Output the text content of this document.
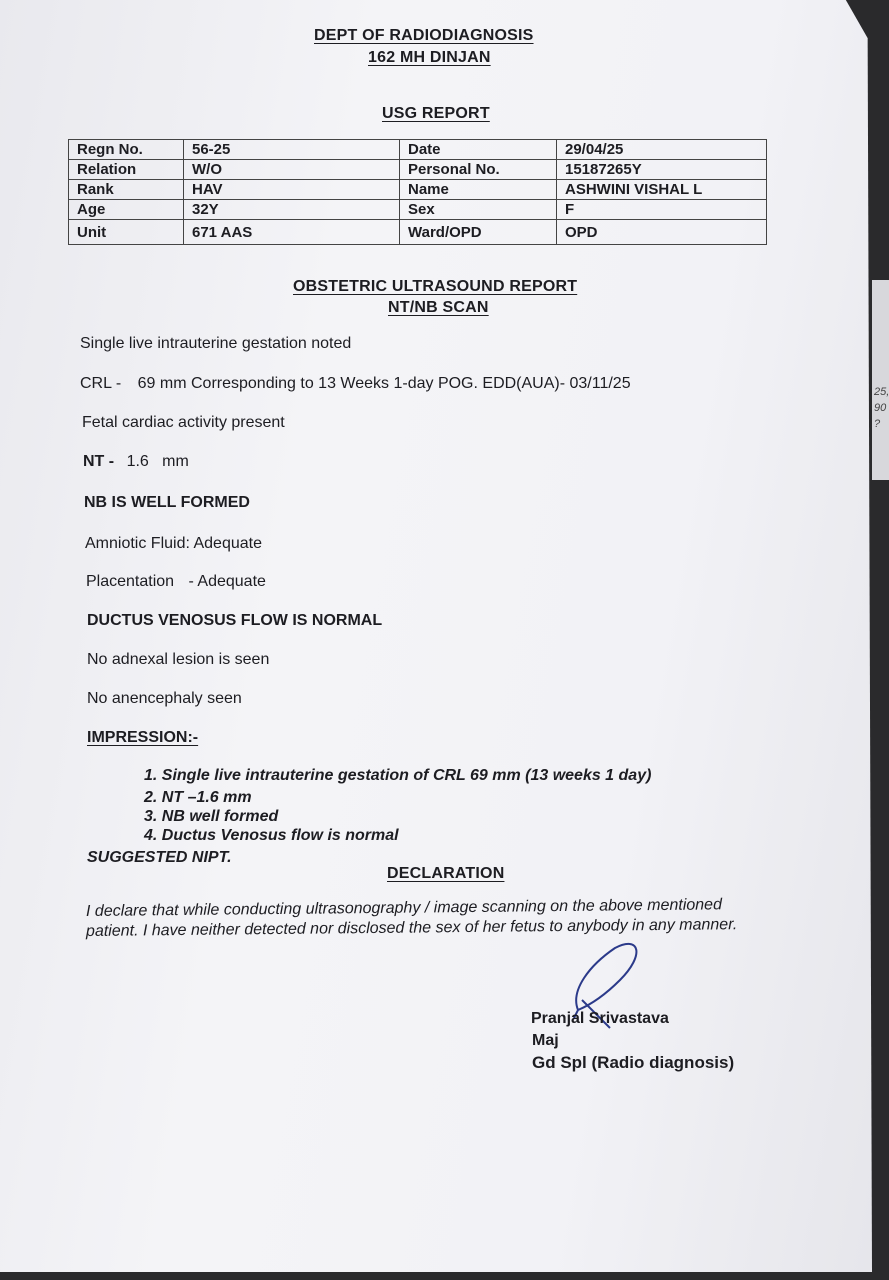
25,
90
?
DEPT OF RADIODIAGNOSIS
162 MH DINJAN
USG REPORT
Regn No.	56-25	Date	29/04/25
Relation	W/O	Personal No.	15187265Y
Rank	HAV	Name	ASHWINI VISHAL L
Age	32Y	Sex	F
Unit	671 AAS	Ward/OPD	OPD
OBSTETRIC ULTRASOUND REPORT
NT/NB SCAN
Single live intrauterine gestation noted
CRL - 69 mm Corresponding to 13 Weeks 1-day POG. EDD(AUA)- 03/11/25
Fetal cardiac activity present
NT - 1.6   mm
NB IS WELL FORMED
Amniotic Fluid: Adequate
Placentation - Adequate
DUCTUS VENOSUS FLOW IS NORMAL
No adnexal lesion is seen
No anencephaly seen
IMPRESSION:-
1. Single live intrauterine gestation of CRL 69 mm (13 weeks 1 day)
2. NT –1.6 mm
3. NB well formed
4. Ductus Venosus flow is normal
SUGGESTED NIPT.
DECLARATION
I declare that while conducting ultrasonography / image scanning on the above mentioned
patient. I have neither detected nor disclosed the sex of her fetus to anybody in any manner.
Pranjal Srivastava
Maj
Gd Spl (Radio diagnosis)
